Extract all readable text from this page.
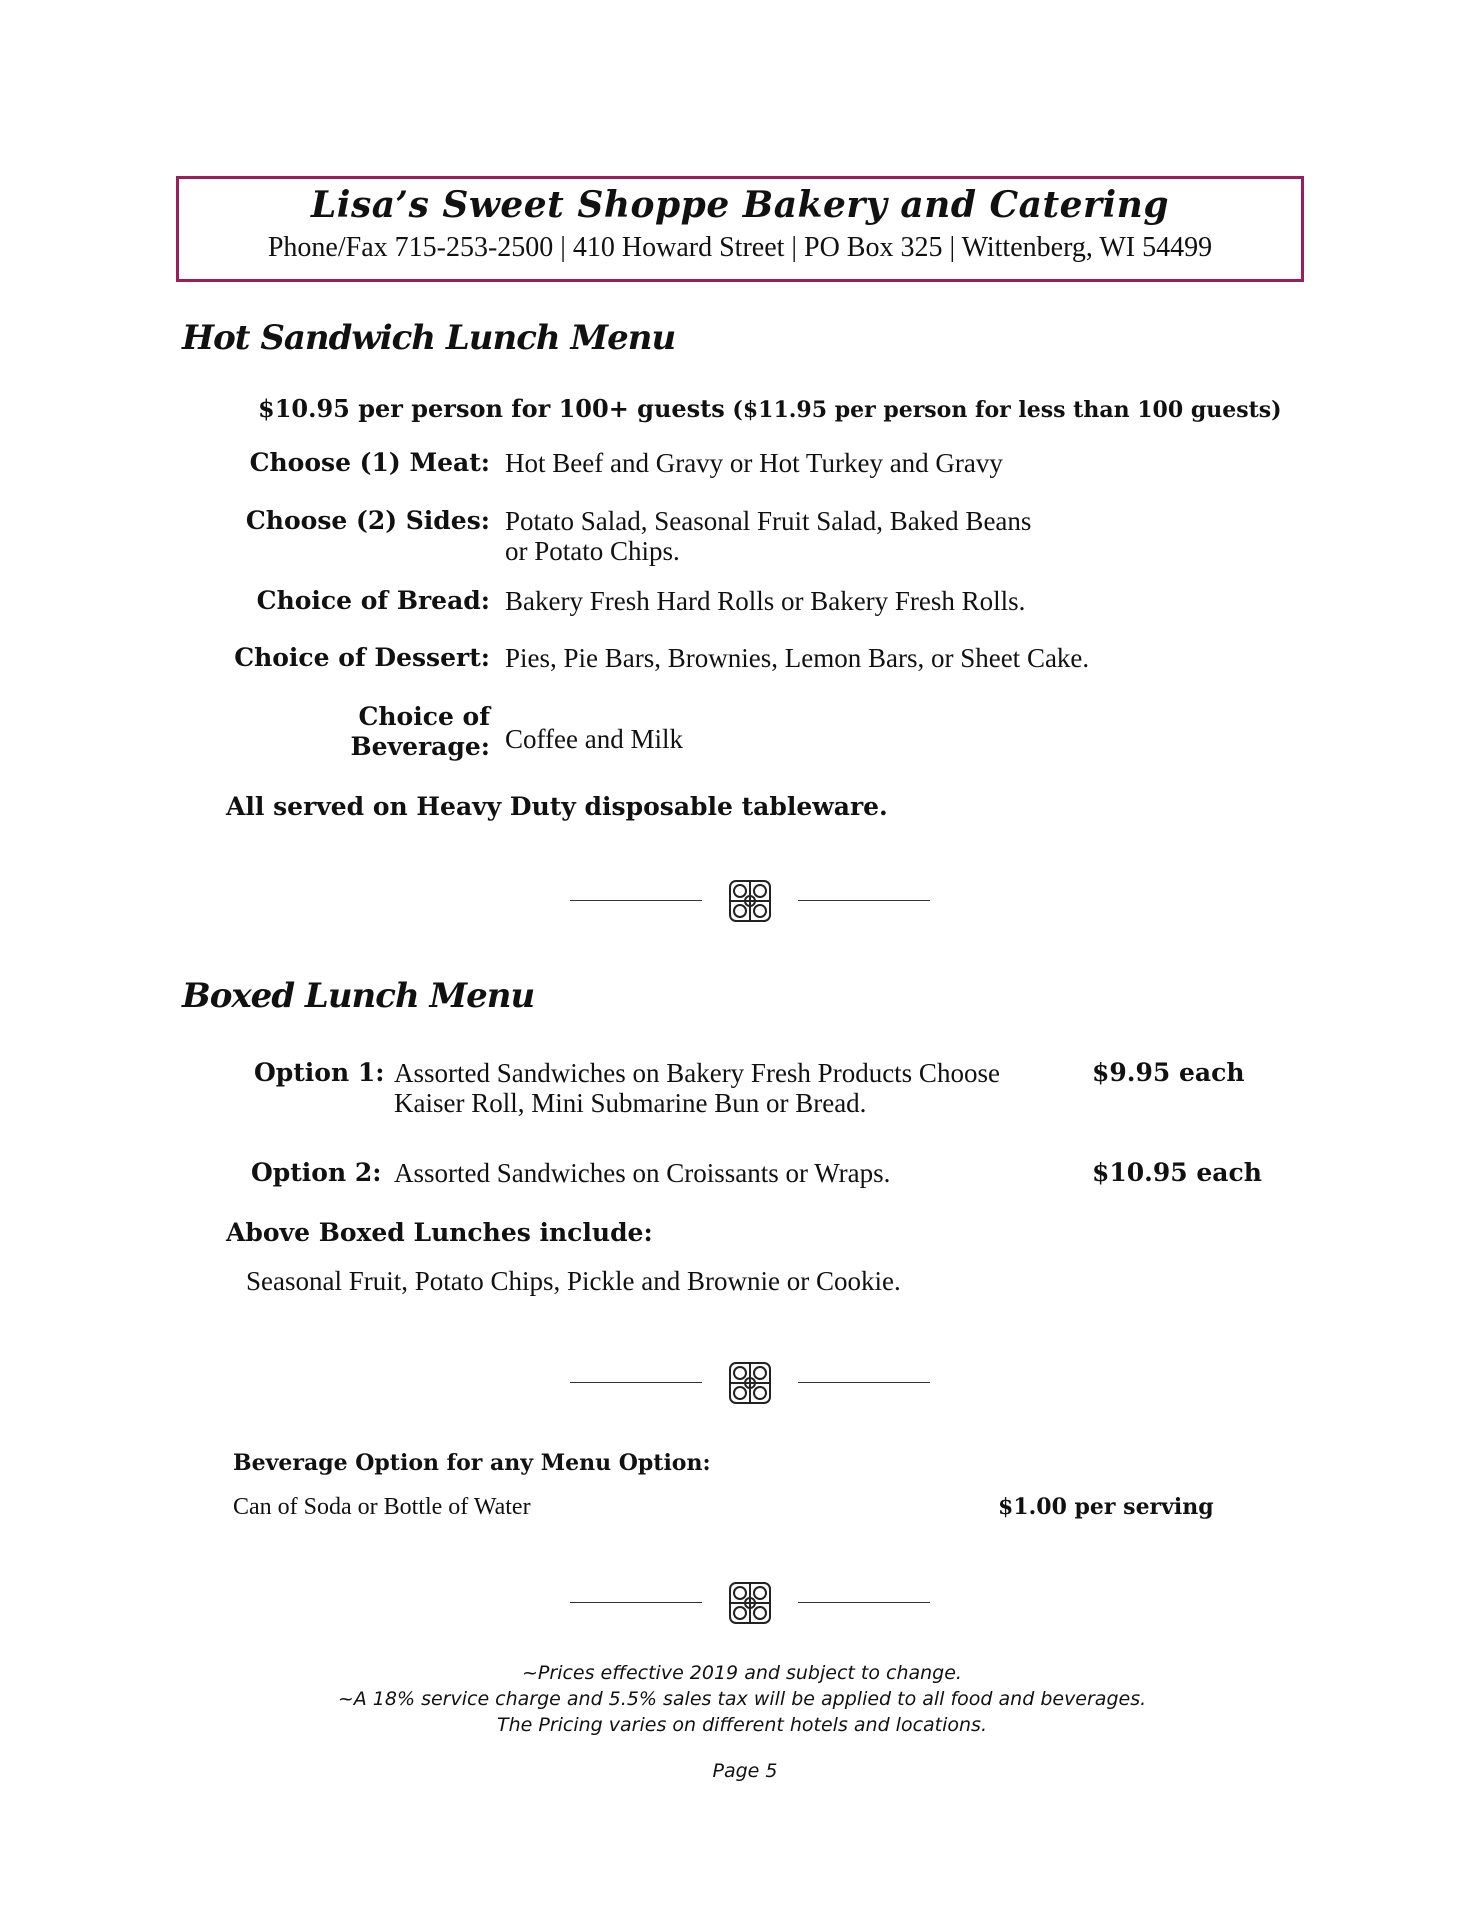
Lisa’s Sweet Shoppe Bakery and Catering
Phone/Fax 715-253-2500 | 410 Howard Street | PO Box 325 | Wittenberg, WI 54499
Hot Sandwich Lunch Menu
$10.95 per person for 100+ guests ($11.95 per person for less than 100 guests)
Choose (1) Meat: Hot Beef and Gravy or Hot Turkey and Gravy
Choose (2) Sides: Potato Salad, Seasonal Fruit Salad, Baked Beans
or Potato Chips.
Choice of Bread: Bakery Fresh Hard Rolls or Bakery Fresh Rolls.
Choice of Dessert: Pies, Pie Bars, Brownies, Lemon Bars, or Sheet Cake.
Choice of
Beverage: Coffee and Milk
All served on Heavy Duty disposable tableware.
Boxed Lunch Menu
Option 1: Assorted Sandwiches on Bakery Fresh Products Choose
Kaiser Roll, Mini Submarine Bun or Bread.
$9.95 each
Option 2: Assorted Sandwiches on Croissants or Wraps.	$10.95 each
Above Boxed Lunches include:
Seasonal Fruit, Potato Chips, Pickle and Brownie or Cookie.
Beverage Option for any Menu Option:
Can of Soda or Bottle of Water	$1.00 per serving
~Prices effective 2019 and subject to change.
~A 18% service charge and 5.5% sales tax will be applied to all food and beverages.
The Pricing varies on different hotels and locations.
Page 5
